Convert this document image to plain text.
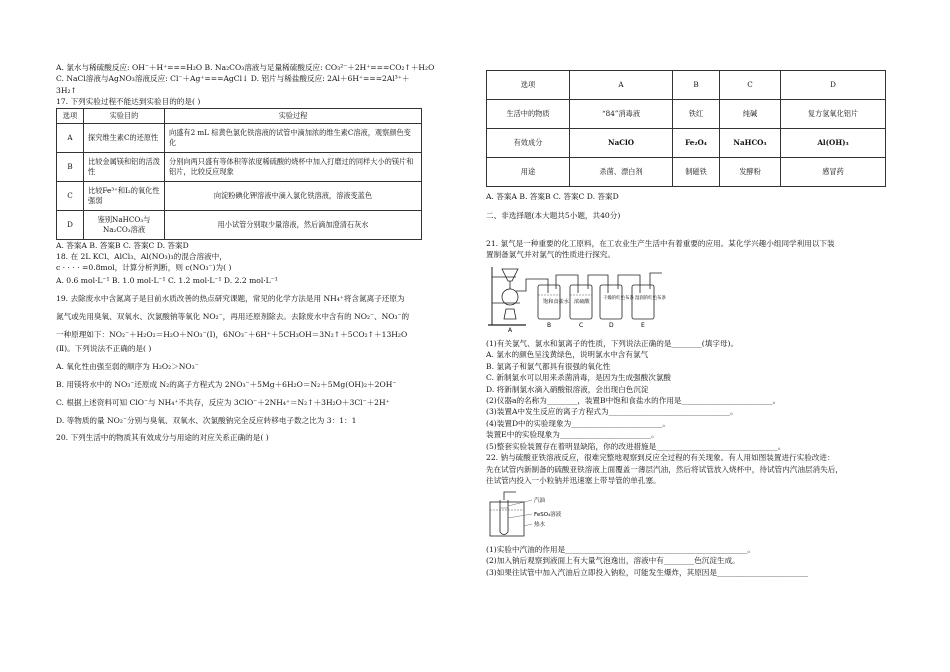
A. 氯水与稀硫酸反应: OH⁻＋H⁺===H₂O B. Na₂CO₃溶液与足量稀硫酸反应: CO₃²⁻＋2H⁺===CO₂↑＋H₂O
C. NaCl溶液与AgNO₃溶液反应: Cl⁻＋Ag⁺===AgCl↓ D. 铝片与稀盐酸反应: 2Al＋6H⁺===2Al³⁺＋
3H₂↑
17. 下列实验过程不能达到实验目的的是( )
选项	实验目的	实验过程
A	探究维生素C的还原性	向盛有2 mL 棕黄色氯化铁溶液的试管中滴加浓的维生素C溶液，观察颜色变化
B	比较金属镁和铝的活泼性	分别向两只盛有等体积等浓度稀硫酸的烧杯中加入打磨过的同样大小的镁片和铝片，比较反应现象
C	比较Fe³⁺和I₂的氧化性强弱	向淀粉碘化钾溶液中滴入氯化铁溶液，溶液变蓝色
D	鉴别NaHCO₃与Na₂CO₃溶液	用小试管分别取少量溶液，然后滴加澄清石灰水
A. 答案A B. 答案B C. 答案C D. 答案D
18. 在 2L KCl、AlCl₃、Al(NO₃)₃的混合溶液中，
c · · · · =0.8mol，计算分析判断，则 c(NO₃⁻)为( )
A. 0.6 mol·L⁻¹ B. 1.0 mol·L⁻¹ C. 1.2 mol·L⁻¹ D. 2.2 mol·L⁻¹
19. 去除废水中含氮离子是目前水质改善的热点研究课题，常见的化学方法是用 NH₄⁺将含氮离子还原为
氮气或先用臭氧、双氧水、次氯酸钠等氧化 NO₂⁻，再用还原剂除去。去除废水中含有的 NO₂⁻、NO₃⁻的
一种原理如下：NO₂⁻＋H₂O₂＝H₂O＋NO₃⁻(Ⅰ)，6NO₃⁻＋6H⁺＋5CH₃OH＝3N₂↑＋5CO₂↑＋13H₂O
(Ⅱ)。下列说法不正确的是( )
A. 氧化性由强至弱的顺序为 H₂O₂＞NO₃⁻
B. 用镁将水中的 NO₃⁻还原成 N₂的离子方程式为 2NO₃⁻＋5Mg＋6H₂O＝N₂＋5Mg(OH)₂＋2OH⁻
C. 根据上述资料可知 ClO⁻与 NH₄⁺不共存，反应为 3ClO⁻＋2NH₄⁺＝N₂↑＋3H₂O＋3Cl⁻＋2H⁺
D. 等物质的量 NO₂⁻分别与臭氧、双氧水、次氯酸钠完全反应转移电子数之比为 3：1：1
20. 下列生活中的物质其有效成分与用途的对应关系正确的是( )
选项	A	B	C	D
生活中的物质	“84”消毒液	铁红	纯碱	复方氢氧化铝片
有效成分	NaClO	Fe₂O₄	NaHCO₃	Al(OH)₃
用途	杀菌、漂白剂	制磁铁	发酵粉	感冒药
A. 答案A B. 答案B C. 答案C D. 答案D
二、非选择题(本大题共5小题，共40分)
21. 氯气是一种重要的化工原料，在工农业生产生活中有着重要的应用。某化学兴趣小组同学利用以下装
置制备氯气并对氯气的性质进行探究。
饱和食盐水 浓硫酸
干燥的红色布条 湿润的红色布条
A
B	C	D	E
(1)有关氯气、氯水和氯离子的性质，下列说法正确的是________(填字母)。
A. 氯水的颜色呈浅黄绿色，说明氯水中含有氯气
B. 氯离子和氯气都具有很强的氧化性
C. 新制氯水可以用来杀菌消毒，是因为生成强酸次氯酸
D. 将新制氯水滴入硝酸银溶液，会出现白色沉淀
(2)仪器a的名称为________，装置B中饱和食盐水的作用是________________________。
(3)装置A中发生反应的离子方程式为________________________________。
(4)装置D中的实验现象为________________________。
装置E中的实验现象为________________________。
(5)整套实验装置存在着明显缺陷，你的改进措施是________________________________。
22. 钠与硫酸亚铁溶液反应，很难完整地观察到反应全过程的有关现象。有人用如图装置进行实验改进：
先在试管内新制备的硫酸亚铁溶液上面覆盖一薄层汽油，然后将试管放入烧杯中，待试管内汽油层消失后，
往试管内投入一小粒钠并迅速塞上带导管的单孔塞。
汽油
FeSO₄溶液
热水
(1)实验中汽油的作用是________________________________________________。
(2)加入钠后观察到液面上有大量气泡逸出，溶液中有________色沉淀生成。
(3)如果往试管中加入汽油后立即投入钠粒，可能发生爆炸，其原因是________________________
